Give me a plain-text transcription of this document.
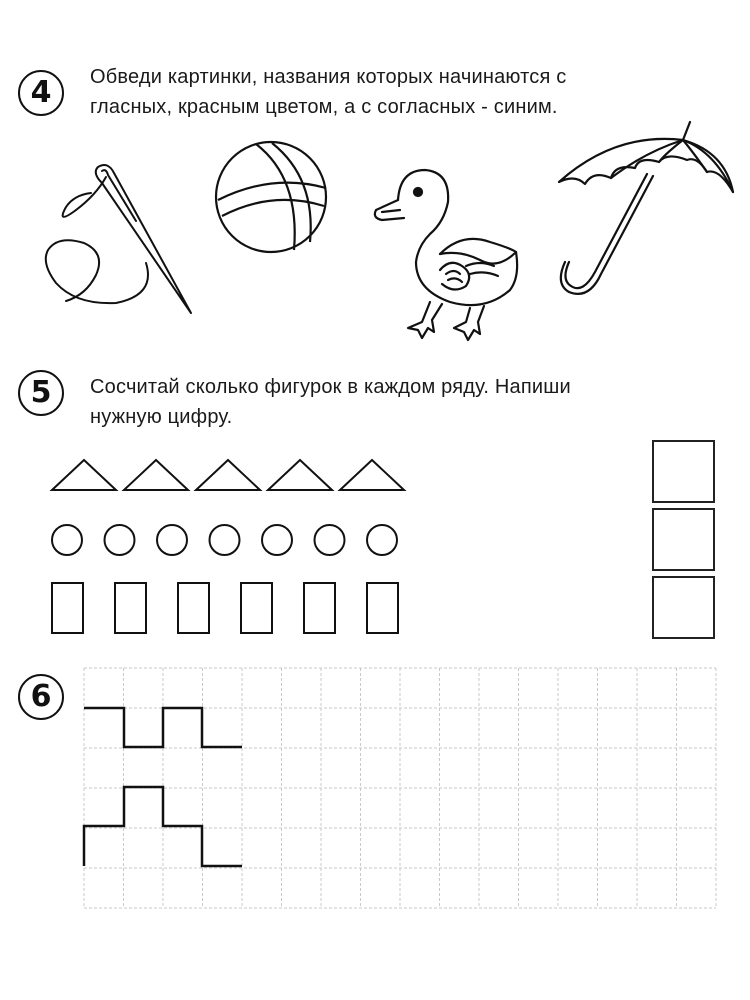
4	Обведи картинки, названия которых начинаются с
гласных, красным цветом, а с согласных - синим.
5	Сосчитай сколько фигурок в каждом ряду. Напиши
нужную цифру.
6
